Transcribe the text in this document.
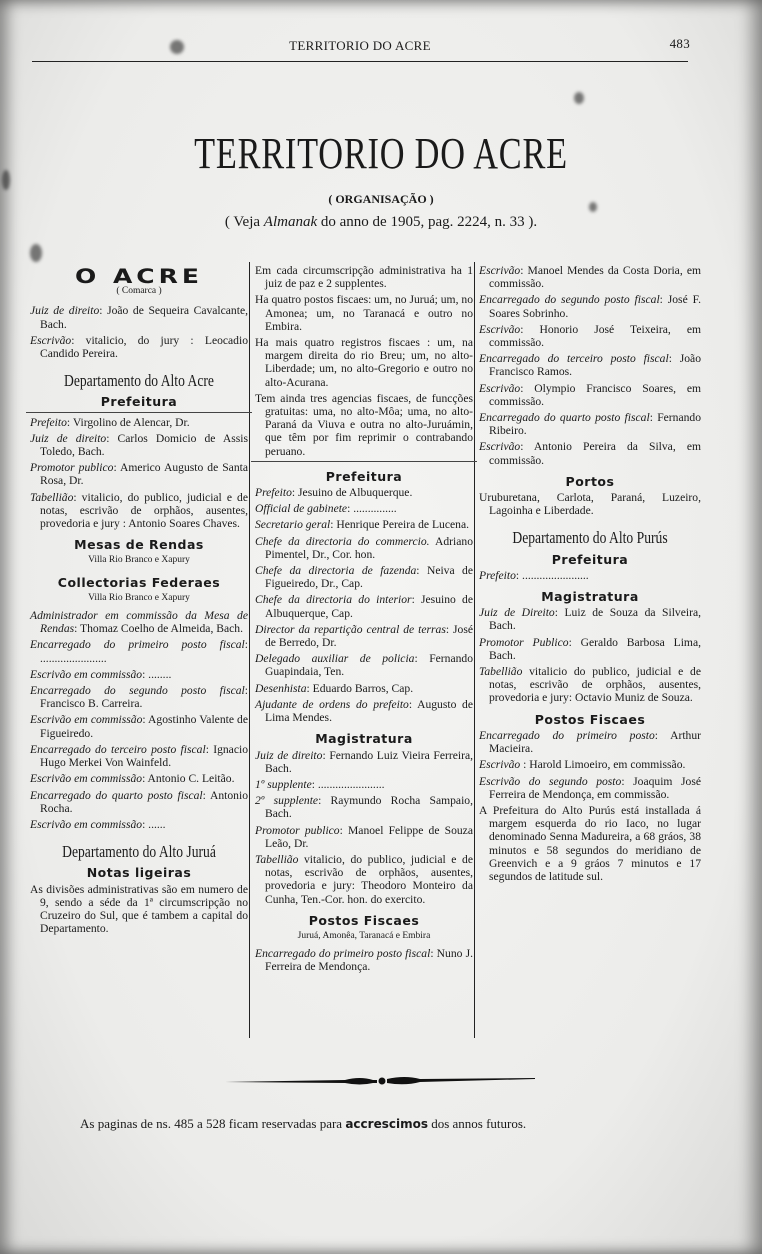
TERRITORIO DO ACRE	483
TERRITORIO DO ACRE
( ORGANISAÇÃO )
( Veja Almanak do anno de 1905, pag. 2224, n. 33 ).
O ACRE
( Comarca )

Juiz de direito: João de Sequeira Cavalcante, Bach.

Escrivão: vitalicio, do jury : Leocadio Candido Pereira.

Departamento do Alto Acre
Prefeitura

Prefeito: Virgolino de Alencar, Dr.

Juiz de direito: Carlos Domicio de Assis Toledo, Bach.

Promotor publico: Americo Augusto de Santa Rosa, Dr.

Tabellião: vitalicio, do publico, judicial e de notas, escrivão de orphãos, ausentes, provedoria e jury : Antonio Soares Chaves.

Mesas de Rendas
Villa Rio Branco e Xapury
Collectorias Federaes
Villa Rio Branco e Xapury

Administrador em commissão da Mesa de Rendas: Thomaz Coelho de Almeida, Bach.

Encarregado do primeiro posto fiscal: .......................

Escrivão em commissão: ........

Encarregado do segundo posto fiscal: Francisco B. Carreira.

Escrivão em commissão: Agostinho Valente de Figueiredo.

Encarregado do terceiro posto fiscal: Ignacio Hugo Merkei Von Wainfeld.

Escrivão em commissão: Antonio C. Leitão.

Encarregado do quarto posto fiscal: Antonio Rocha.

Escrivão em commissão: ......

Departamento do Alto Juruá
Notas ligeiras

As divisões administrativas são em numero de 9, sendo a séde da 1ª circumscripção no Cruzeiro do Sul, que é tambem a capital do Departamento.

Em cada circumscripção administrativa ha 1 juiz de paz e 2 supplentes.

Ha quatro postos fiscaes: um, no Juruá; um, no Amonea; um, no Taranacá e outro no Embira.

Ha mais quatro registros fiscaes : um, na margem direita do rio Breu; um, no alto-Liberdade; um, no alto-Gregorio e outro no alto-Acurana.

Tem ainda tres agencias fiscaes, de funcções gratuitas: uma, no alto-Môa; uma, no alto-Paraná da Viuva e outra no alto-Juruámin, que têm por fim reprimir o contrabando peruano.

Prefeitura

Prefeito: Jesuino de Albuquerque.

Official de gabinete: ...............

Secretario geral: Henrique Pereira de Lucena.

Chefe da directoria do commercio. Adriano Pimentel, Dr., Cor. hon.

Chefe da directoria de fazenda: Neiva de Figueiredo, Dr., Cap.

Chefe da directoria do interior: Jesuino de Albuquerque, Cap.

Director da repartição central de terras: José de Berredo, Dr.

Delegado auxiliar de policia: Fernando Guapindaia, Ten.

Desenhista: Eduardo Barros, Cap.

Ajudante de ordens do prefeito: Augusto de Lima Mendes.

Magistratura

Juiz de direito: Fernando Luiz Vieira Ferreira, Bach.

1º supplente: .......................

2º supplente: Raymundo Rocha Sampaio, Bach.

Promotor publico: Manoel Felippe de Souza Leão, Dr.

Tabellião vitalicio, do publico, judicial e de notas, escrivão de orphãos, ausentes, provedoria e jury: Theodoro Monteiro da Cunha, Ten.-Cor. hon. do exercito.

Postos Fiscaes
Juruá, Amonêa, Taranacá e Embira

Encarregado do primeiro posto fiscal: Nuno J. Ferreira de Mendonça.

Escrivão: Manoel Mendes da Costa Doria, em commissão.

Encarregado do segundo posto fiscal: José F. Soares Sobrinho.

Escrivão: Honorio José Teixeira, em commissão.

Encarregado do terceiro posto fiscal: João Francisco Ramos.

Escrivão: Olympio Francisco Soares, em commissão.

Encarregado do quarto posto fiscal: Fernando Ribeiro.

Escrivão: Antonio Pereira da Silva, em commissão.

Portos

Uruburetana, Carlota, Paraná, Luzeiro, Lagoinha e Liberdade.

Departamento do Alto Purús
Prefeitura

Prefeito: .......................

Magistratura

Juiz de Direito: Luiz de Souza da Silveira, Bach.

Promotor Publico: Geraldo Barbosa Lima, Bach.

Tabellião vitalicio do publico, judicial e de notas, escrivão de orphãos, ausentes, provedoria e jury: Octavio Muniz de Souza.

Postos Fiscaes

Encarregado do primeiro posto: Arthur Macieira.

Escrivão : Harold Limoeiro, em commissão.

Escrivão do segundo posto: Joaquim José Ferreira de Mendonça, em commissão.

A Prefeitura do Alto Purús está installada á margem esquerda do rio Iaco, no lugar denominado Senna Madureira, a 68 gráos, 38 minutos e 58 segundos do meridiano de Greenvich e a 9 gráos 7 minutos e 17 segundos de latitude sul.

As paginas de ns. 485 a 528 ficam reservadas para accrescimos dos annos futuros.
